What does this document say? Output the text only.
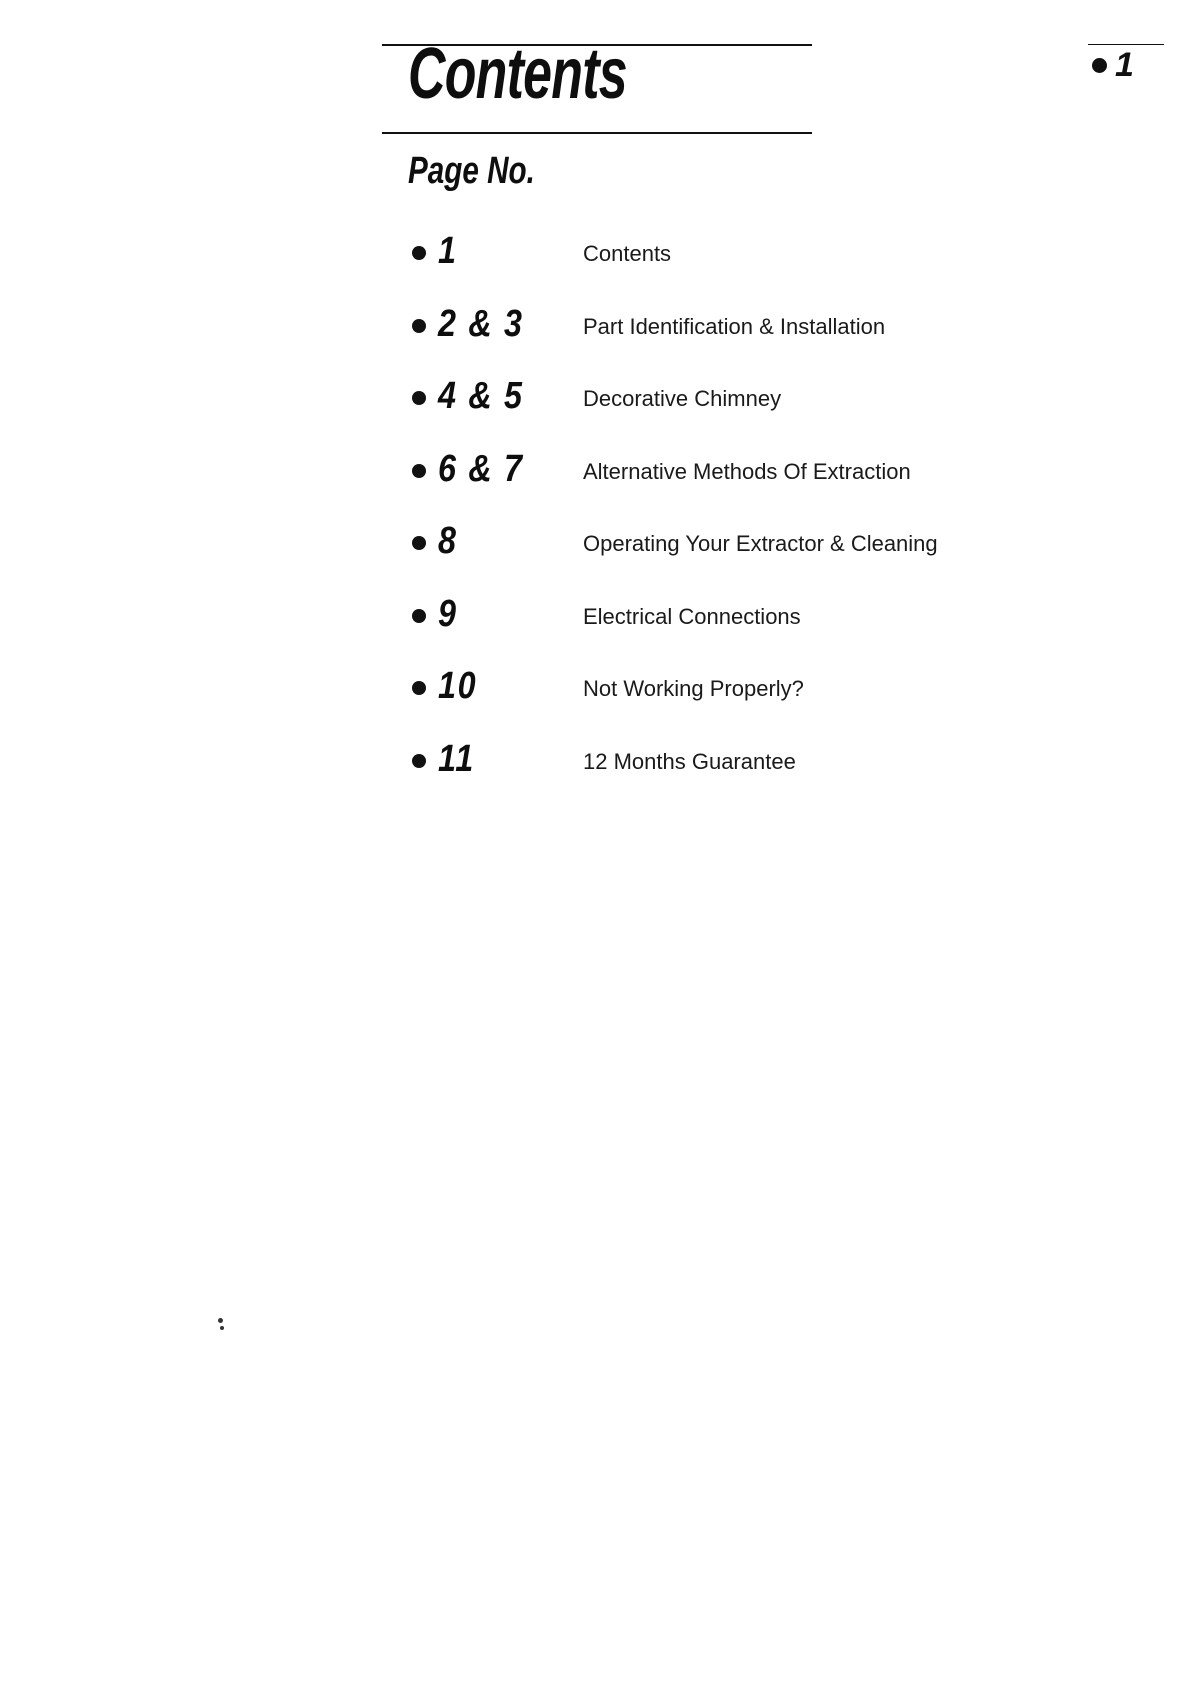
Contents	1
Page No.
1	Contents
2 & 3	Part Identification & Installation
4 & 5	Decorative Chimney
6 & 7	Alternative Methods Of Extraction
8	Operating Your Extractor & Cleaning
9	Electrical Connections
10	Not Working Properly?
11	12 Months Guarantee
